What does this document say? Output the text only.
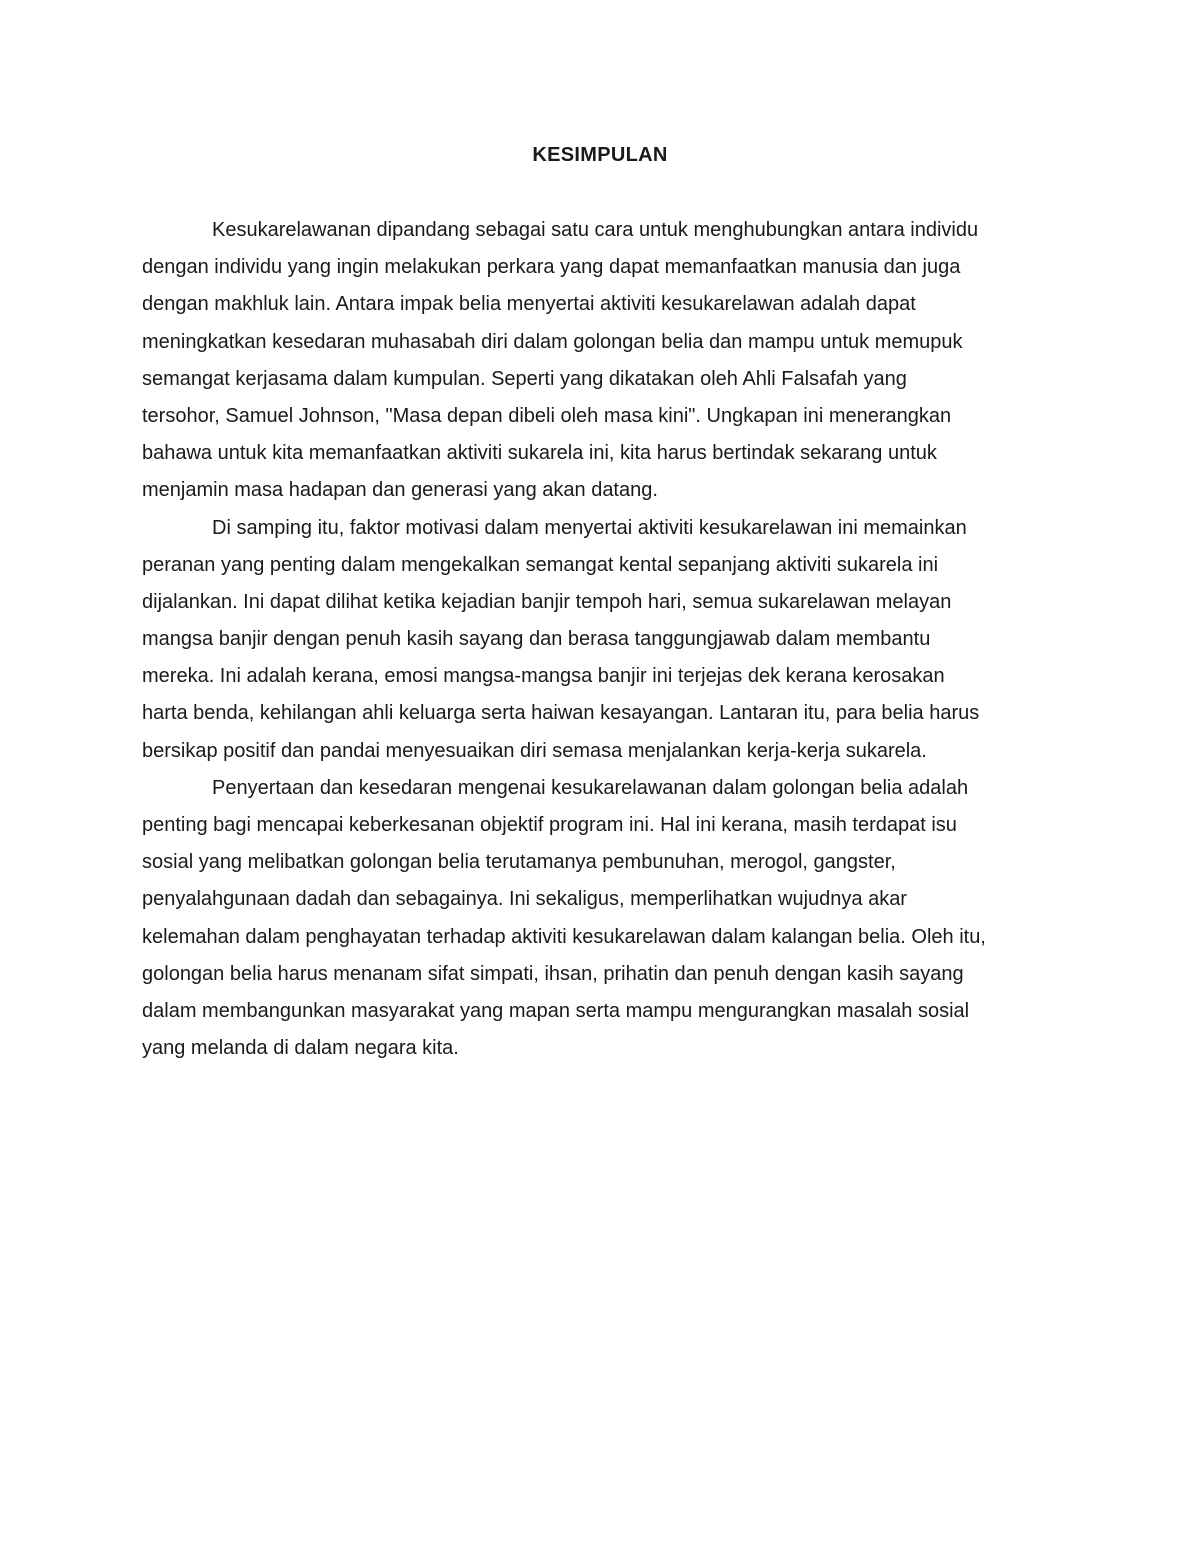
KESIMPULAN
Kesukarelawanan dipandang sebagai satu cara untuk menghubungkan antara individu
dengan individu yang ingin melakukan perkara yang dapat memanfaatkan manusia dan juga
dengan makhluk lain. Antara impak belia menyertai aktiviti kesukarelawan adalah dapat
meningkatkan kesedaran muhasabah diri dalam golongan belia dan mampu untuk memupuk
semangat kerjasama dalam kumpulan. Seperti yang dikatakan oleh Ahli Falsafah yang
tersohor, Samuel Johnson, "Masa depan dibeli oleh masa kini". Ungkapan ini menerangkan
bahawa untuk kita memanfaatkan aktiviti sukarela ini, kita harus bertindak sekarang untuk
menjamin masa hadapan dan generasi yang akan datang.
Di samping itu, faktor motivasi dalam menyertai aktiviti kesukarelawan ini memainkan
peranan yang penting dalam mengekalkan semangat kental sepanjang aktiviti sukarela ini
dijalankan. Ini dapat dilihat ketika kejadian banjir tempoh hari, semua sukarelawan melayan
mangsa banjir dengan penuh kasih sayang dan berasa tanggungjawab dalam membantu
mereka. Ini adalah kerana, emosi mangsa-mangsa banjir ini terjejas dek kerana kerosakan
harta benda, kehilangan ahli keluarga serta haiwan kesayangan. Lantaran itu, para belia harus
bersikap positif dan pandai menyesuaikan diri semasa menjalankan kerja-kerja sukarela.
Penyertaan dan kesedaran mengenai kesukarelawanan dalam golongan belia adalah
penting bagi mencapai keberkesanan objektif program ini. Hal ini kerana, masih terdapat isu
sosial yang melibatkan golongan belia terutamanya pembunuhan, merogol, gangster,
penyalahgunaan dadah dan sebagainya. Ini sekaligus, memperlihatkan wujudnya akar
kelemahan dalam penghayatan terhadap aktiviti kesukarelawan dalam kalangan belia. Oleh itu,
golongan belia harus menanam sifat simpati, ihsan, prihatin dan penuh dengan kasih sayang
dalam membangunkan masyarakat yang mapan serta mampu mengurangkan masalah sosial
yang melanda di dalam negara kita.
